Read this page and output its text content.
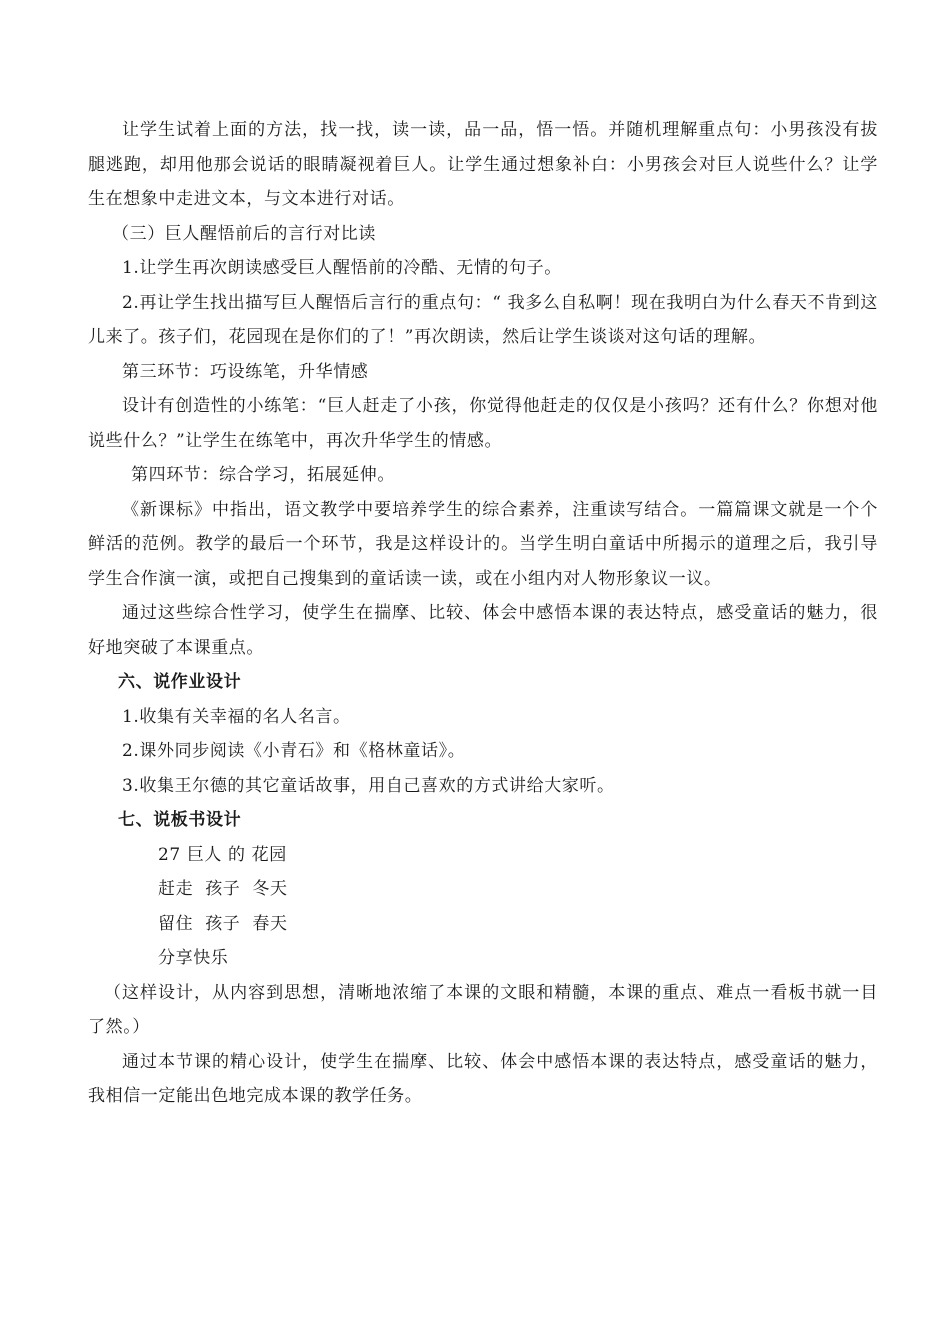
让学生试着上面的方法，找一找，读一读，品一品，悟一悟。并随机理解重点句：小男孩没有拔腿逃跑，却用他那会说话的眼睛凝视着巨人。让学生通过想象补白：小男孩会对巨人说些什么？让学生在想象中走进文本，与文本进行对话。

（三）巨人醒悟前后的言行对比读

1.让学生再次朗读感受巨人醒悟前的冷酷、无情的句子。

2.再让学生找出描写巨人醒悟后言行的重点句：“ 我多么自私啊！现在我明白为什么春天不肯到这儿来了。孩子们，花园现在是你们的了！”再次朗读，然后让学生谈谈对这句话的理解。

第三环节：巧设练笔，升华情感

设计有创造性的小练笔：“巨人赶走了小孩，你觉得他赶走的仅仅是小孩吗？还有什么？你想对他说些什么？”让学生在练笔中，再次升华学生的情感。

第四环节：综合学习，拓展延伸。

《新课标》中指出，语文教学中要培养学生的综合素养，注重读写结合。一篇篇课文就是一个个鲜活的范例。教学的最后一个环节，我是这样设计的。当学生明白童话中所揭示的道理之后，我引导学生合作演一演，或把自己搜集到的童话读一读，或在小组内对人物形象议一议。

通过这些综合性学习，使学生在揣摩、比较、体会中感悟本课的表达特点，感受童话的魅力，很好地突破了本课重点。

六、说作业设计

1.收集有关幸福的名人名言。

2.课外同步阅读《小青石》和《格林童话》。

3.收集王尔德的其它童话故事，用自己喜欢的方式讲给大家听。

七、说板书设计

27 巨人 的 花园

赶走  孩子  冬天

留住  孩子  春天

分享快乐

（这样设计，从内容到思想，清晰地浓缩了本课的文眼和精髓，本课的重点、难点一看板书就一目了然。）

通过本节课的精心设计，使学生在揣摩、比较、体会中感悟本课的表达特点，感受童话的魅力，我相信一定能出色地完成本课的教学任务。
